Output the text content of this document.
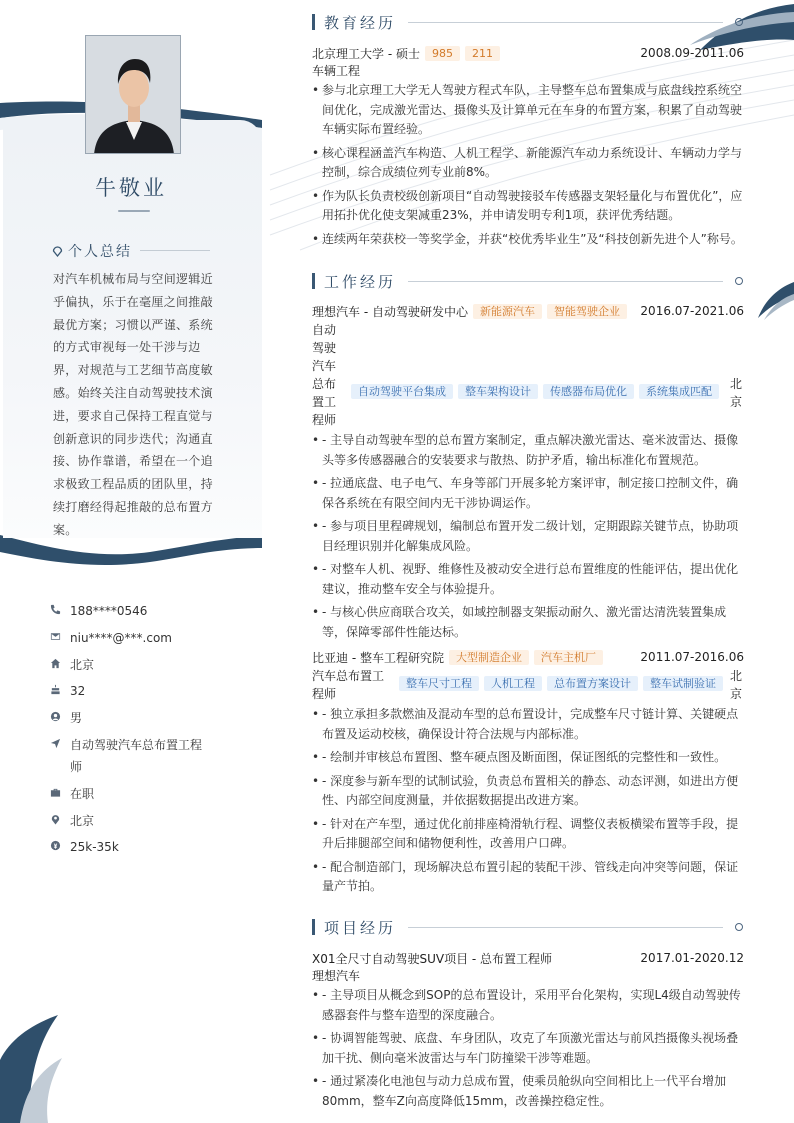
牛敬业
个人总结
对汽车机械布局与空间逻辑近乎偏执，乐于在毫厘之间推敲最优方案；习惯以严谨、系统的方式审视每一处干涉与边界，对规范与工艺细节高度敏感。始终关注自动驾驶技术演进，要求自己保持工程直觉与创新意识的同步迭代；沟通直接、协作靠谱，希望在一个追求极致工程品质的团队里，持续打磨经得起推敲的总布置方案。
188****0546
niu****@***.com
北京
32
男
自动驾驶汽车总布置工程师
在职
北京
25k-35k
教育经历
北京理工大学 - 硕士	985	211	2008.09-2011.06
车辆工程
• 参与北京理工大学无人驾驶方程式车队，主导整车总布置集成与底盘线控系统空间优化，完成激光雷达、摄像头及计算单元在车身的布置方案，积累了自动驾驶车辆实际布置经验。
• 核心课程涵盖汽车构造、人机工程学、新能源汽车动力系统设计、车辆动力学与控制，综合成绩位列专业前8%。
• 作为队长负责校级创新项目“自动驾驶接驳车传感器支架轻量化与布置优化”，应用拓扑优化使支架减重23%，并申请发明专利1项，获评优秀结题。
• 连续两年荣获校一等奖学金，并获“校优秀毕业生”及“科技创新先进个人”称号。
工作经历
理想汽车 - 自动驾驶研发中心	新能源汽车	智能驾驶企业	2016.07-2021.06
自动驾驶汽车总布置工程师
自动驾驶平台集成	整车架构设计	传感器布局优化	系统集成匹配
北京
• - 主导自动驾驶车型的总布置方案制定，重点解决激光雷达、毫米波雷达、摄像头等多传感器融合的安装要求与散热、防护矛盾，输出标准化布置规范。
• - 拉通底盘、电子电气、车身等部门开展多轮方案评审，制定接口控制文件，确保各系统在有限空间内无干涉协调运作。
• - 参与项目里程碑规划，编制总布置开发二级计划，定期跟踪关键节点，协助项目经理识别并化解集成风险。
• - 对整车人机、视野、维修性及被动安全进行总布置维度的性能评估，提出优化建议，推动整车安全与体验提升。
• - 与核心供应商联合攻关，如域控制器支架振动耐久、激光雷达清洗装置集成等，保障零部件性能达标。
比亚迪 - 整车工程研究院	大型制造企业	汽车主机厂	2011.07-2016.06
汽车总布置工程师
整车尺寸工程	人机工程	总布置方案设计	整车试制验证
北京
• - 独立承担多款燃油及混动车型的总布置设计，完成整车尺寸链计算、关键硬点布置及运动校核，确保设计符合法规与内部标准。
• - 绘制并审核总布置图、整车硬点图及断面图，保证图纸的完整性和一致性。
• - 深度参与新车型的试制试验，负责总布置相关的静态、动态评测，如进出方便性、内部空间度测量，并依据数据提出改进方案。
• - 针对在产车型，通过优化前排座椅滑轨行程、调整仪表板横梁布置等手段，提升后排腿部空间和储物便利性，改善用户口碑。
• - 配合制造部门，现场解决总布置引起的装配干涉、管线走向冲突等问题，保证量产节拍。
项目经历
X01全尺寸自动驾驶SUV项目 - 总布置工程师	2017.01-2020.12
理想汽车
• - 主导项目从概念到SOP的总布置设计，采用平台化架构，实现L4级自动驾驶传感器套件与整车造型的深度融合。
• - 协调智能驾驶、底盘、车身团队，攻克了车顶激光雷达与前风挡摄像头视场叠加干扰、侧向毫米波雷达与车门防撞梁干涉等难题。
• - 通过紧凑化电池包与动力总成布置，使乘员舱纵向空间相比上一代平台增加80mm，整车Z向高度降低15mm，改善操控稳定性。
